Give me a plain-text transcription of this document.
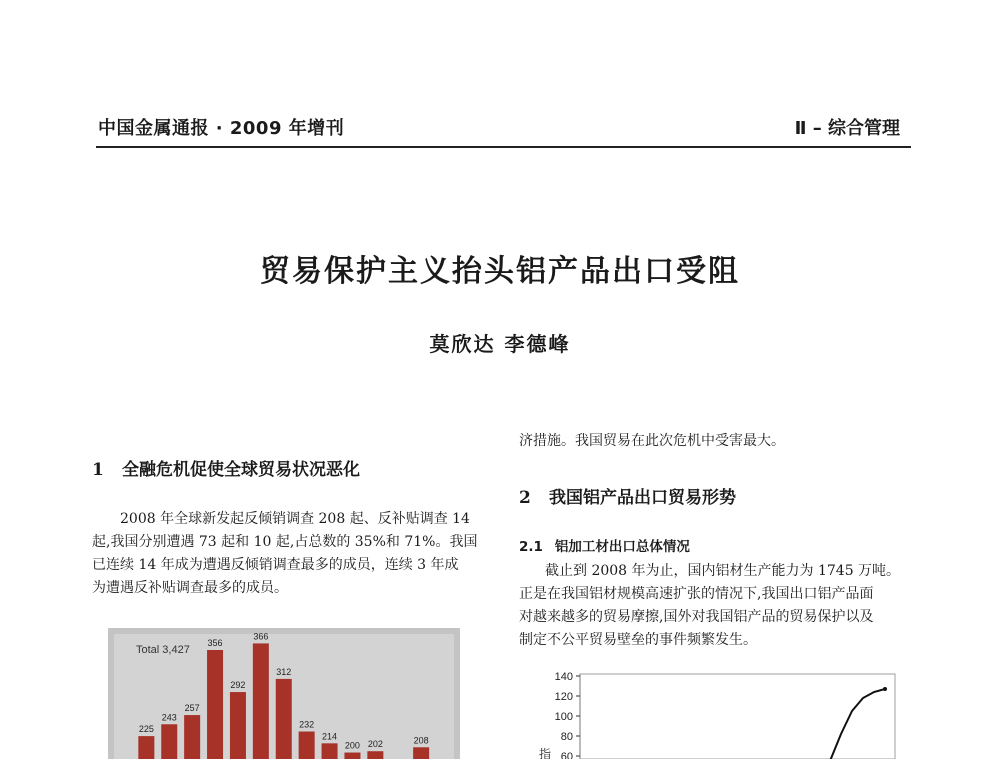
中国金属通报 · 2009 年增刊	Ⅱ – 综合管理
贸易保护主义抬头铝产品出口受阻
莫欣达 李德峰
1 全融危机促使全球贸易状况恶化
2008 年全球新发起反倾销调查 208 起、反补贴调查 14
起,我国分别遭遇 73 起和 10 起,占总数的 35%和 71%。我国
已连续 14 年成为遭遇反倾销调查最多的成员，连续 3 年成
为遭遇反补贴调查最多的成员。
Total 3,427
225
243
257
356
292
366
312
232
214
200 202	208
济措施。我国贸易在此次危机中受害最大。
2 我国铝产品出口贸易形势
2.1 铝加工材出口总体情况
截止到 2008 年为止，国内铝材生产能力为 1745 万吨。
正是在我国铝材规模高速扩张的情况下,我国出口铝产品面
对越来越多的贸易摩擦,国外对我国铝产品的贸易保护以及
制定不公平贸易壁垒的事件频繁发生。
140
120
100
80
60
指
